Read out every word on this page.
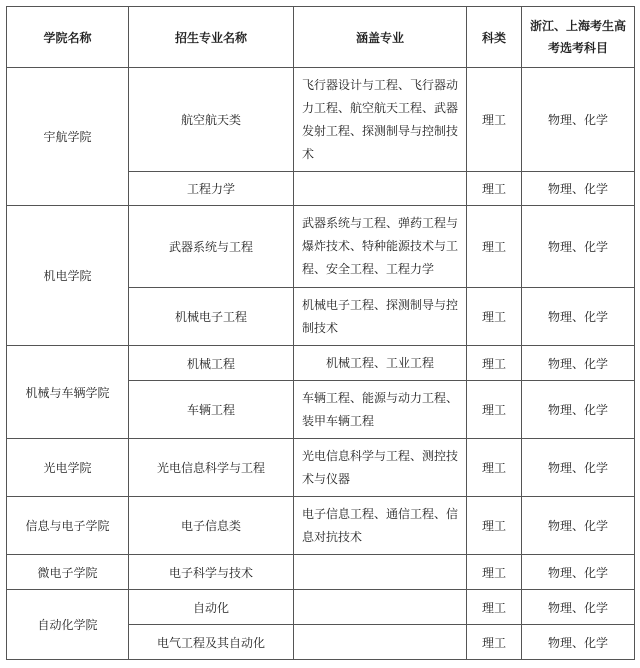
学院名称	招生专业名称	涵盖专业	科类	浙江、上海考生高考选考科目
宇航学院	航空航天类	飞行器设计与工程、飞行器动力工程、航空航天工程、武器发射工程、探测制导与控制技术	理工	物理、化学
	工程力学		理工	物理、化学
机电学院	武器系统与工程	武器系统与工程、弹药工程与爆炸技术、特种能源技术与工程、安全工程、工程力学	理工	物理、化学
	机械电子工程	机械电子工程、探测制导与控制技术	理工	物理、化学
机械与车辆学院	机械工程	机械工程、工业工程	理工	物理、化学
	车辆工程	车辆工程、能源与动力工程、装甲车辆工程	理工	物理、化学
光电学院	光电信息科学与工程	光电信息科学与工程、测控技术与仪器	理工	物理、化学
信息与电子学院	电子信息类	电子信息工程、通信工程、信息对抗技术	理工	物理、化学
微电子学院	电子科学与技术		理工	物理、化学
自动化学院	自动化		理工	物理、化学
	电气工程及其自动化		理工	物理、化学
